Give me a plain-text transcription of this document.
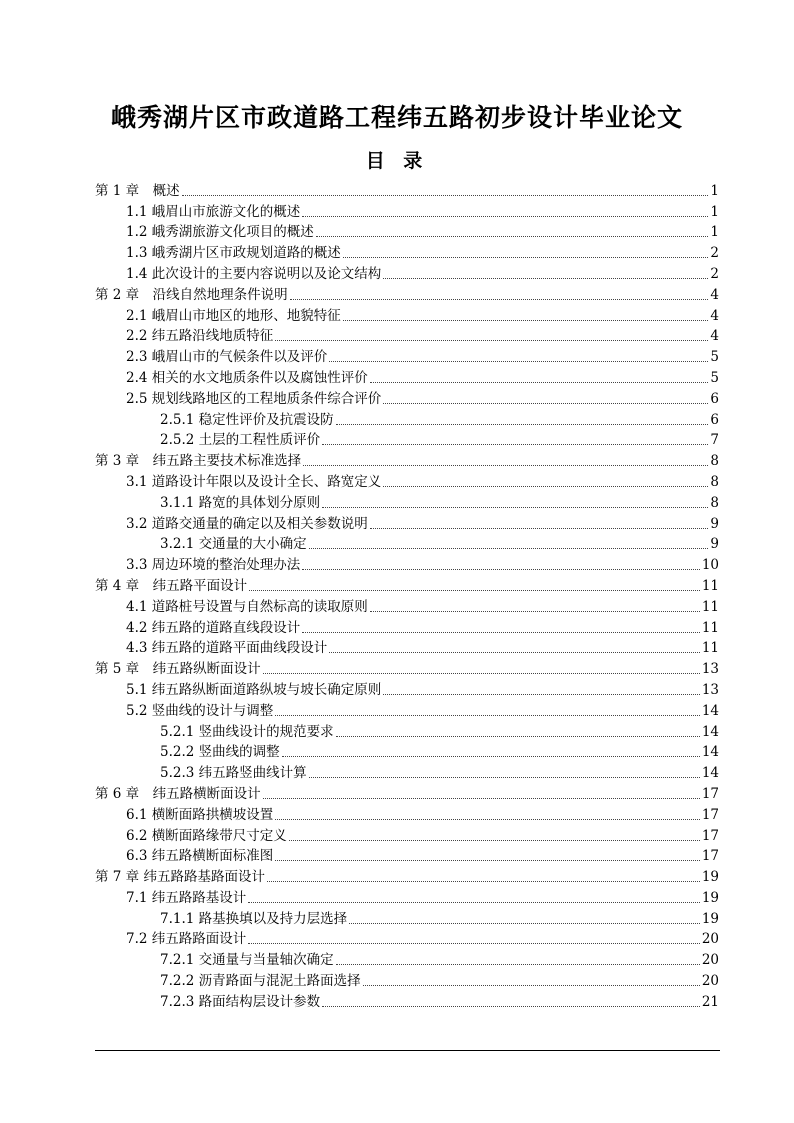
峨秀湖片区市政道路工程纬五路初步设计毕业论文
目 录
第 1 章　概述	1
1.1 峨眉山市旅游文化的概述	1
1.2 峨秀湖旅游文化项目的概述	1
1.3 峨秀湖片区市政规划道路的概述	2
1.4 此次设计的主要内容说明以及论文结构	2
第 2 章　沿线自然地理条件说明	4
2.1 峨眉山市地区的地形、地貌特征	4
2.2 纬五路沿线地质特征	4
2.3 峨眉山市的气候条件以及评价	5
2.4 相关的水文地质条件以及腐蚀性评价	5
2.5 规划线路地区的工程地质条件综合评价	6
2.5.1 稳定性评价及抗震设防	6
2.5.2 土层的工程性质评价	7
第 3 章　纬五路主要技术标准选择	8
3.1 道路设计年限以及设计全长、路宽定义	8
3.1.1 路宽的具体划分原则	8
3.2 道路交通量的确定以及相关参数说明	9
3.2.1 交通量的大小确定	9
3.3 周边环境的整治处理办法	10
第 4 章　纬五路平面设计	11
4.1 道路桩号设置与自然标高的读取原则	11
4.2 纬五路的道路直线段设计	11
4.3 纬五路的道路平面曲线段设计	11
第 5 章　纬五路纵断面设计	13
5.1 纬五路纵断面道路纵坡与坡长确定原则	13
5.2 竖曲线的设计与调整	14
5.2.1 竖曲线设计的规范要求	14
5.2.2 竖曲线的调整	14
5.2.3 纬五路竖曲线计算	14
第 6 章　纬五路横断面设计	17
6.1 横断面路拱横坡设置	17
6.2 横断面路缘带尺寸定义	17
6.3 纬五路横断面标准图	17
第 7 章 纬五路路基路面设计	19
7.1 纬五路路基设计	19
7.1.1 路基换填以及持力层选择	19
7.2 纬五路路面设计	20
7.2.1 交通量与当量轴次确定	20
7.2.2 沥青路面与混泥土路面选择	20
7.2.3 路面结构层设计参数	21
